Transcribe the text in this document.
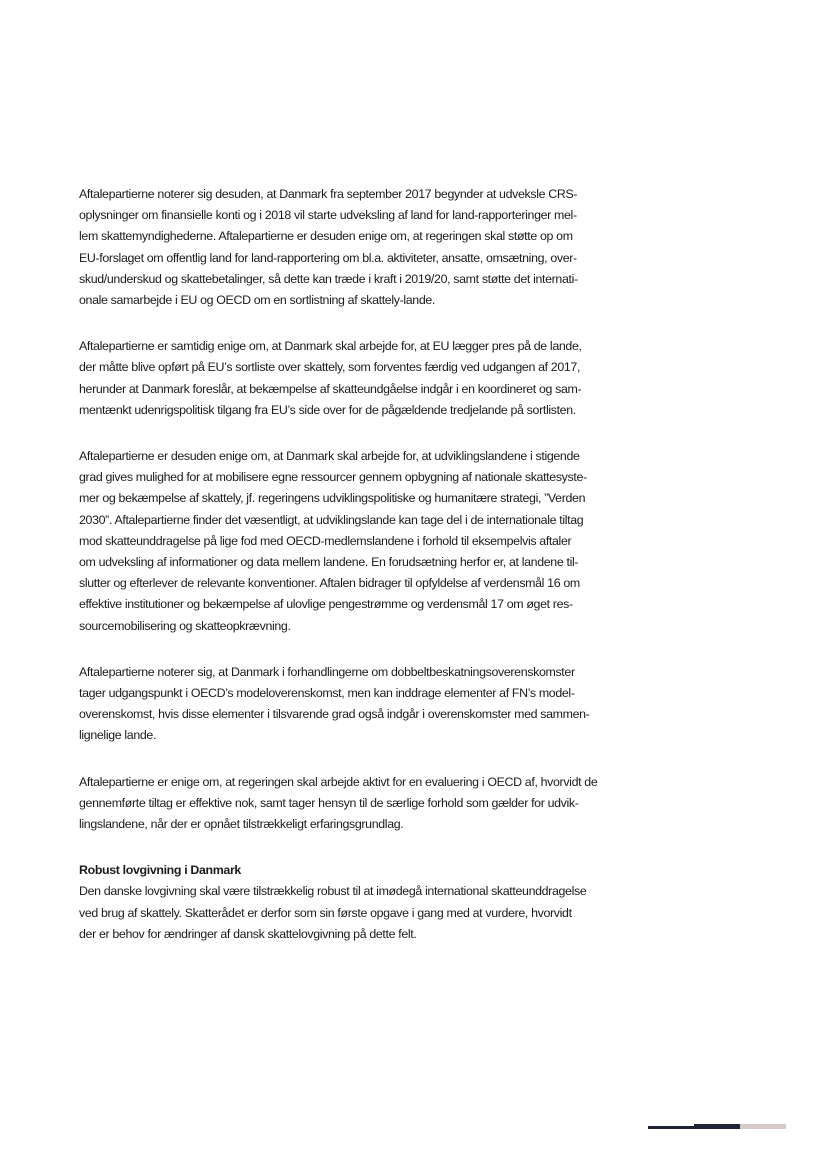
Aftalepartierne noterer sig desuden, at Danmark fra september 2017 begynder at udveksle CRS-
oplysninger om finansielle konti og i 2018 vil starte udveksling af land for land-rapporteringer mel-
lem skattemyndighederne. Aftalepartierne er desuden enige om, at regeringen skal støtte op om
EU-forslaget om offentlig land for land-rapportering om bl.a. aktiviteter, ansatte, omsætning, over-
skud/underskud og skattebetalinger, så dette kan træde i kraft i 2019/20, samt støtte det internati-
onale samarbejde i EU og OECD om en sortlistning af skattely-lande.

Aftalepartierne er samtidig enige om, at Danmark skal arbejde for, at EU lægger pres på de lande,
der måtte blive opført på EU’s sortliste over skattely, som forventes færdig ved udgangen af 2017,
herunder at Danmark foreslår, at bekæmpelse af skatteundgåelse indgår i en koordineret og sam-
mentænkt udenrigspolitisk tilgang fra EU’s side over for de pågældende tredjelande på sortlisten.

Aftalepartierne er desuden enige om, at Danmark skal arbejde for, at udviklingslandene i stigende
grad gives mulighed for at mobilisere egne ressourcer gennem opbygning af nationale skattesyste-
mer og bekæmpelse af skattely, jf. regeringens udviklingspolitiske og humanitære strategi, ”Verden
2030”. Aftalepartierne finder det væsentligt, at udviklingslande kan tage del i de internationale tiltag
mod skatteunddragelse på lige fod med OECD-medlemslandene i forhold til eksempelvis aftaler
om udveksling af informationer og data mellem landene. En forudsætning herfor er, at landene til-
slutter og efterlever de relevante konventioner. Aftalen bidrager til opfyldelse af verdensmål 16 om
effektive institutioner og bekæmpelse af ulovlige pengestrømme og verdensmål 17 om øget res-
sourcemobilisering og skatteopkrævning.

Aftalepartierne noterer sig, at Danmark i forhandlingerne om dobbeltbeskatningsoverenskomster
tager udgangspunkt i OECD’s modeloverenskomst, men kan inddrage elementer af FN’s model-
overenskomst, hvis disse elementer i tilsvarende grad også indgår i overenskomster med sammen-
lignelige lande.

Aftalepartierne er enige om, at regeringen skal arbejde aktivt for en evaluering i OECD af, hvorvidt de
gennemførte tiltag er effektive nok, samt tager hensyn til de særlige forhold som gælder for udvik-
lingslandene, når der er opnået tilstrækkeligt erfaringsgrundlag.

Robust lovgivning i Danmark

Den danske lovgivning skal være tilstrækkelig robust til at imødegå international skatteunddragelse
ved brug af skattely. Skatterådet er derfor som sin første opgave i gang med at vurdere, hvorvidt
der er behov for ændringer af dansk skattelovgivning på dette felt.
